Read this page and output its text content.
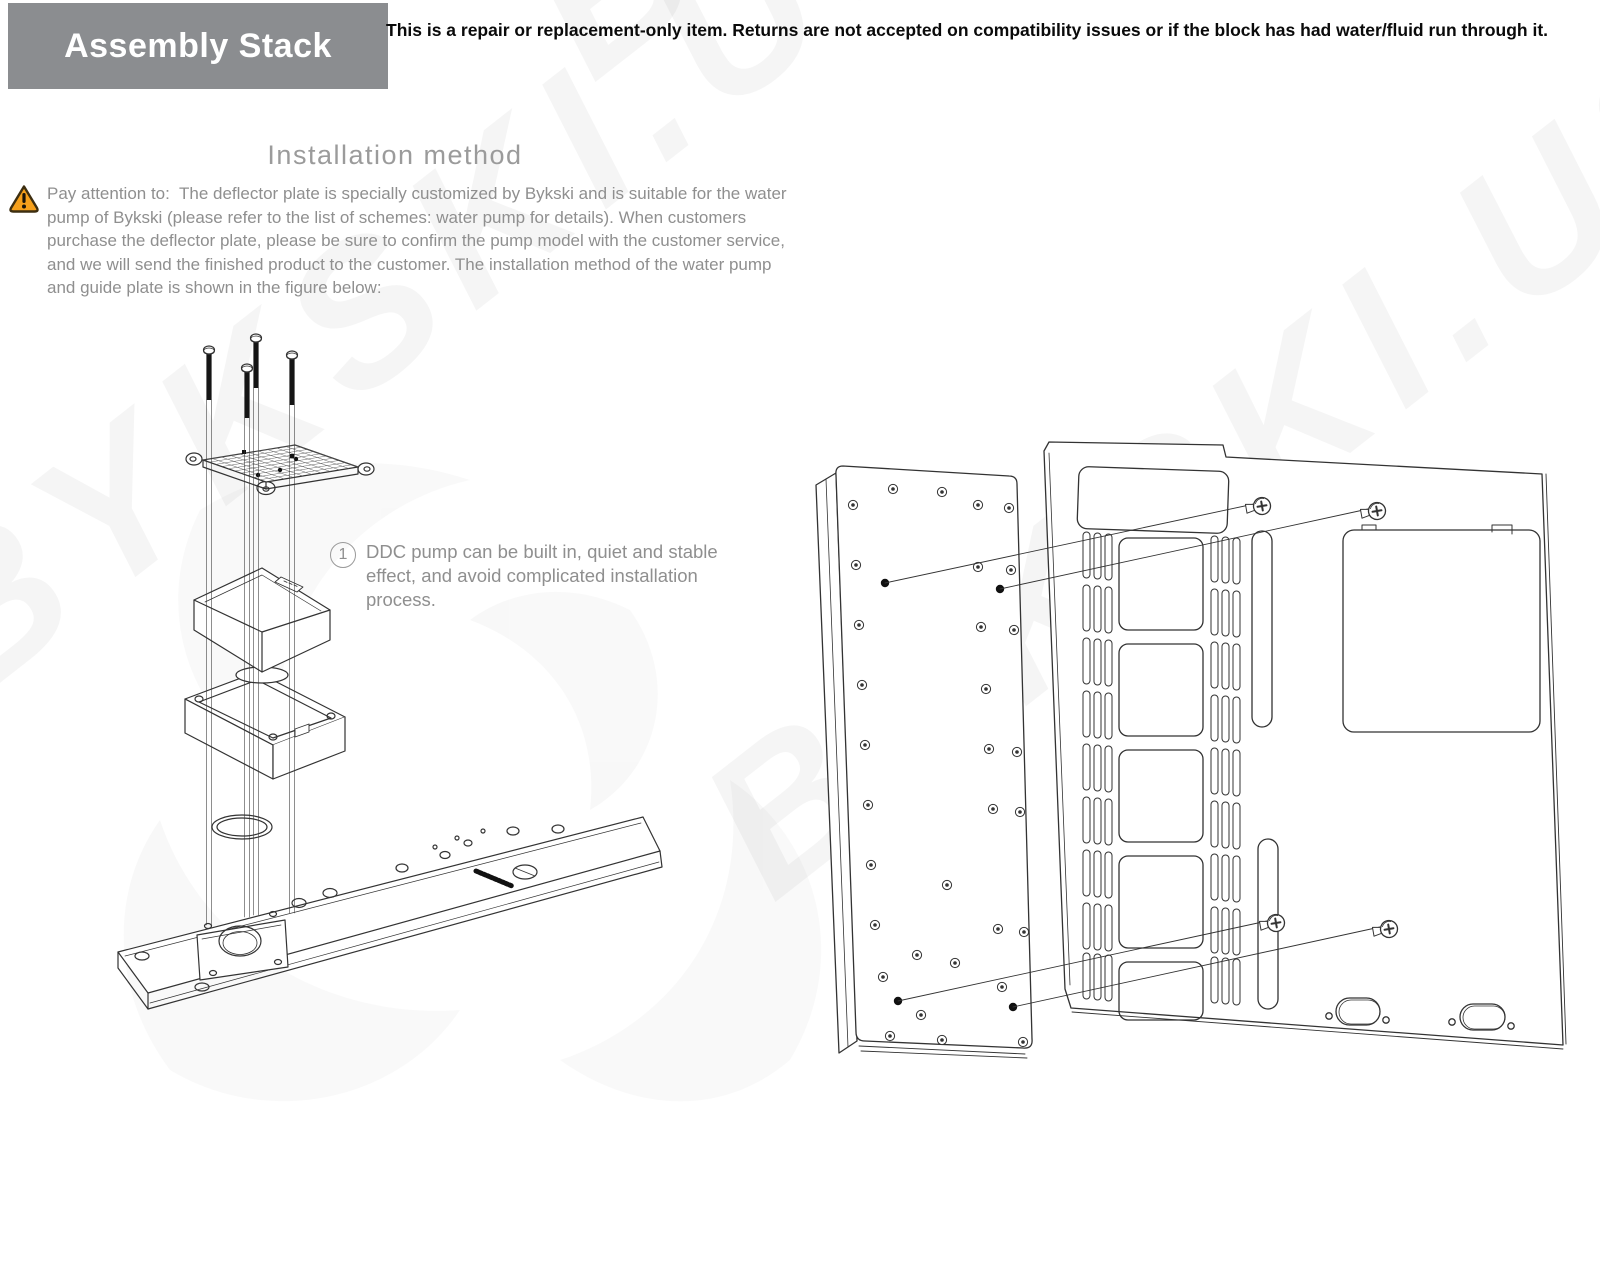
Assembly Stack	This is a repair or replacement-only item. Returns are not accepted on compatibility issues or if the block has had water/fluid run through it.
Installation method
Pay attention to:  The deflector plate is specially customized by Bykski and is suitable for the water pump of Bykski (please refer to the list of schemes: water pump for details). When customers purchase the deflector plate, please be sure to confirm the pump model with the customer service, and we will send the finished product to the customer. The installation method of the water pump and guide plate is shown in the figure below:
1	DDC pump can be built in, quiet and stable effect, and avoid complicated installation process.
